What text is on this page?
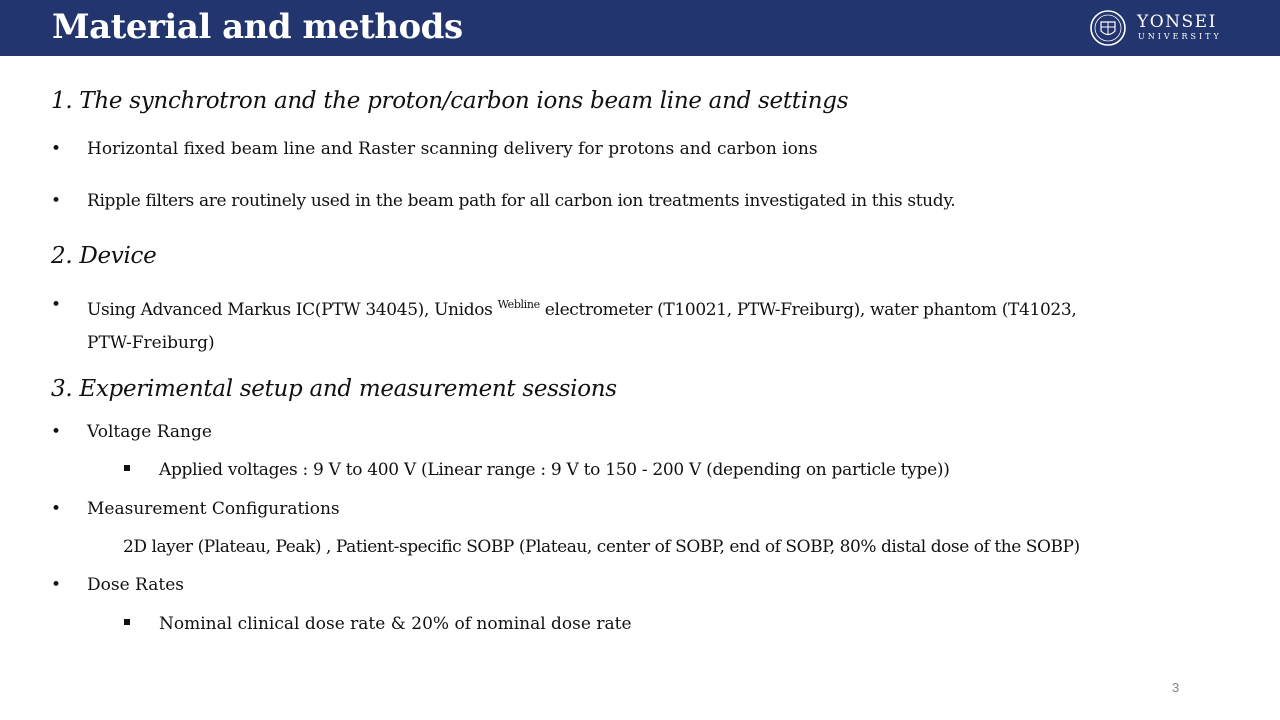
Material and methods	YONSEI
UNIVERSITY
1. The synchrotron and the proton/carbon ions beam line and settings
• Horizontal fixed beam line and Raster scanning delivery for protons and carbon ions
• Ripple filters are routinely used in the beam path for all carbon ion treatments investigated in this study.
2. Device
• Using Advanced Markus IC(PTW 34045), Unidos $^{Webline}$ electrometer (T10021, PTW-Freiburg), water phantom (T41023,
PTW-Freiburg)
3. Experimental setup and measurement sessions
• Voltage Range
Applied voltages : 9 V to 400 V (Linear range : 9 V to 150 - 200 V (depending on particle type))
• Measurement Configurations
2D layer (Plateau, Peak) , Patient-specific SOBP (Plateau, center of SOBP, end of SOBP, 80% distal dose of the SOBP)
• Dose Rates
Nominal clinical dose rate & 20% of nominal dose rate
3
